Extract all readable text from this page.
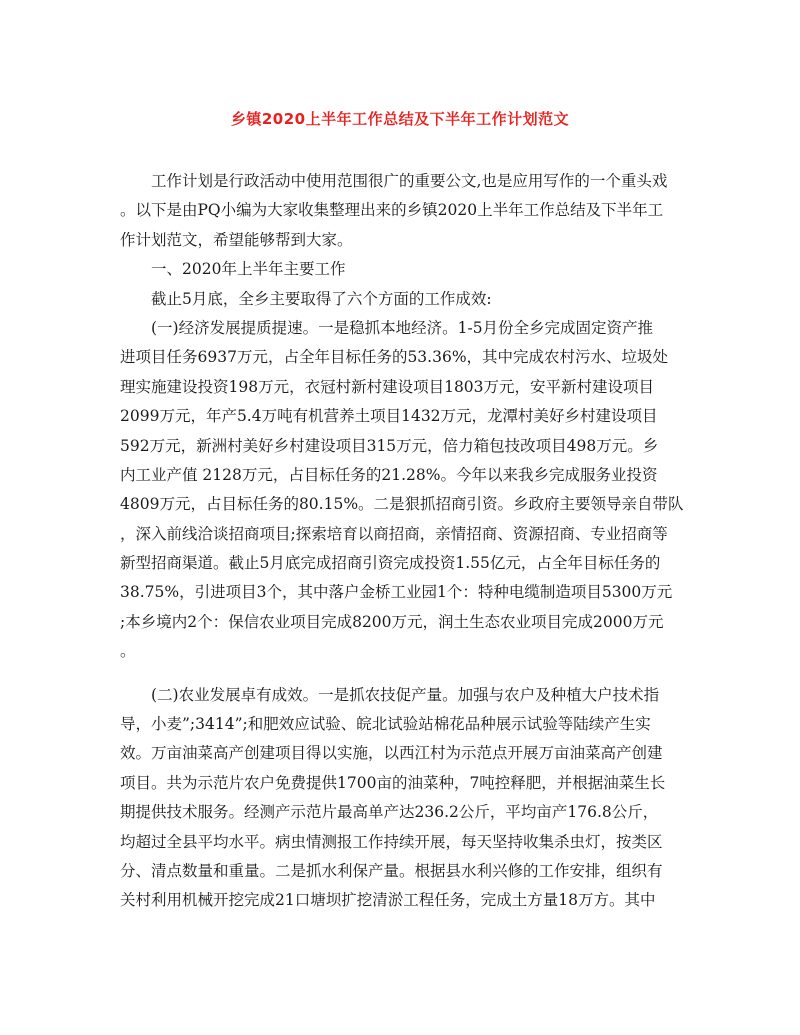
乡镇2020上半年工作总结及下半年工作计划范文
工作计划是行政活动中使用范围很广的重要公文,也是应用写作的一个重头戏
。以下是由PQ小编为大家收集整理出来的乡镇2020上半年工作总结及下半年工
作计划范文，希望能够帮到大家。
一、2020年上半年主要工作
截止5月底，全乡主要取得了六个方面的工作成效:
(一)经济发展提质提速。一是稳抓本地经济。1-5月份全乡完成固定资产推
进项目任务6937万元，占全年目标任务的53.36%，其中完成农村污水、垃圾处
理实施建设投资198万元，衣冠村新村建设项目1803万元，安平新村建设项目
2099万元，年产5.4万吨有机营养土项目1432万元，龙潭村美好乡村建设项目
592万元，新洲村美好乡村建设项目315万元，倍力箱包技改项目498万元。乡
内工业产值 2128万元，占目标任务的21.28%。今年以来我乡完成服务业投资
4809万元，占目标任务的80.15%。二是狠抓招商引资。乡政府主要领导亲自带队
，深入前线洽谈招商项目;探索培育以商招商，亲情招商、资源招商、专业招商等
新型招商渠道。截止5月底完成招商引资完成投资1.55亿元，占全年目标任务的
38.75%，引进项目3个，其中落户金桥工业园1个：特种电缆制造项目5300万元
;本乡境内2个：保信农业项目完成8200万元，润土生态农业项目完成2000万元
。
(二)农业发展卓有成效。一是抓农技促产量。加强与农户及种植大户技术指
导，小麦”;3414”;和肥效应试验、皖北试验站棉花品种展示试验等陆续产生实
效。万亩油菜高产创建项目得以实施，以西江村为示范点开展万亩油菜高产创建
项目。共为示范片农户免费提供1700亩的油菜种，7吨控释肥，并根据油菜生长
期提供技术服务。经测产示范片最高单产达236.2公斤，平均亩产176.8公斤，
均超过全县平均水平。病虫情测报工作持续开展，每天坚持收集杀虫灯，按类区
分、清点数量和重量。二是抓水利保产量。根据县水利兴修的工作安排，组织有
关村利用机械开挖完成21口塘坝扩挖清淤工程任务，完成土方量18万方。其中
